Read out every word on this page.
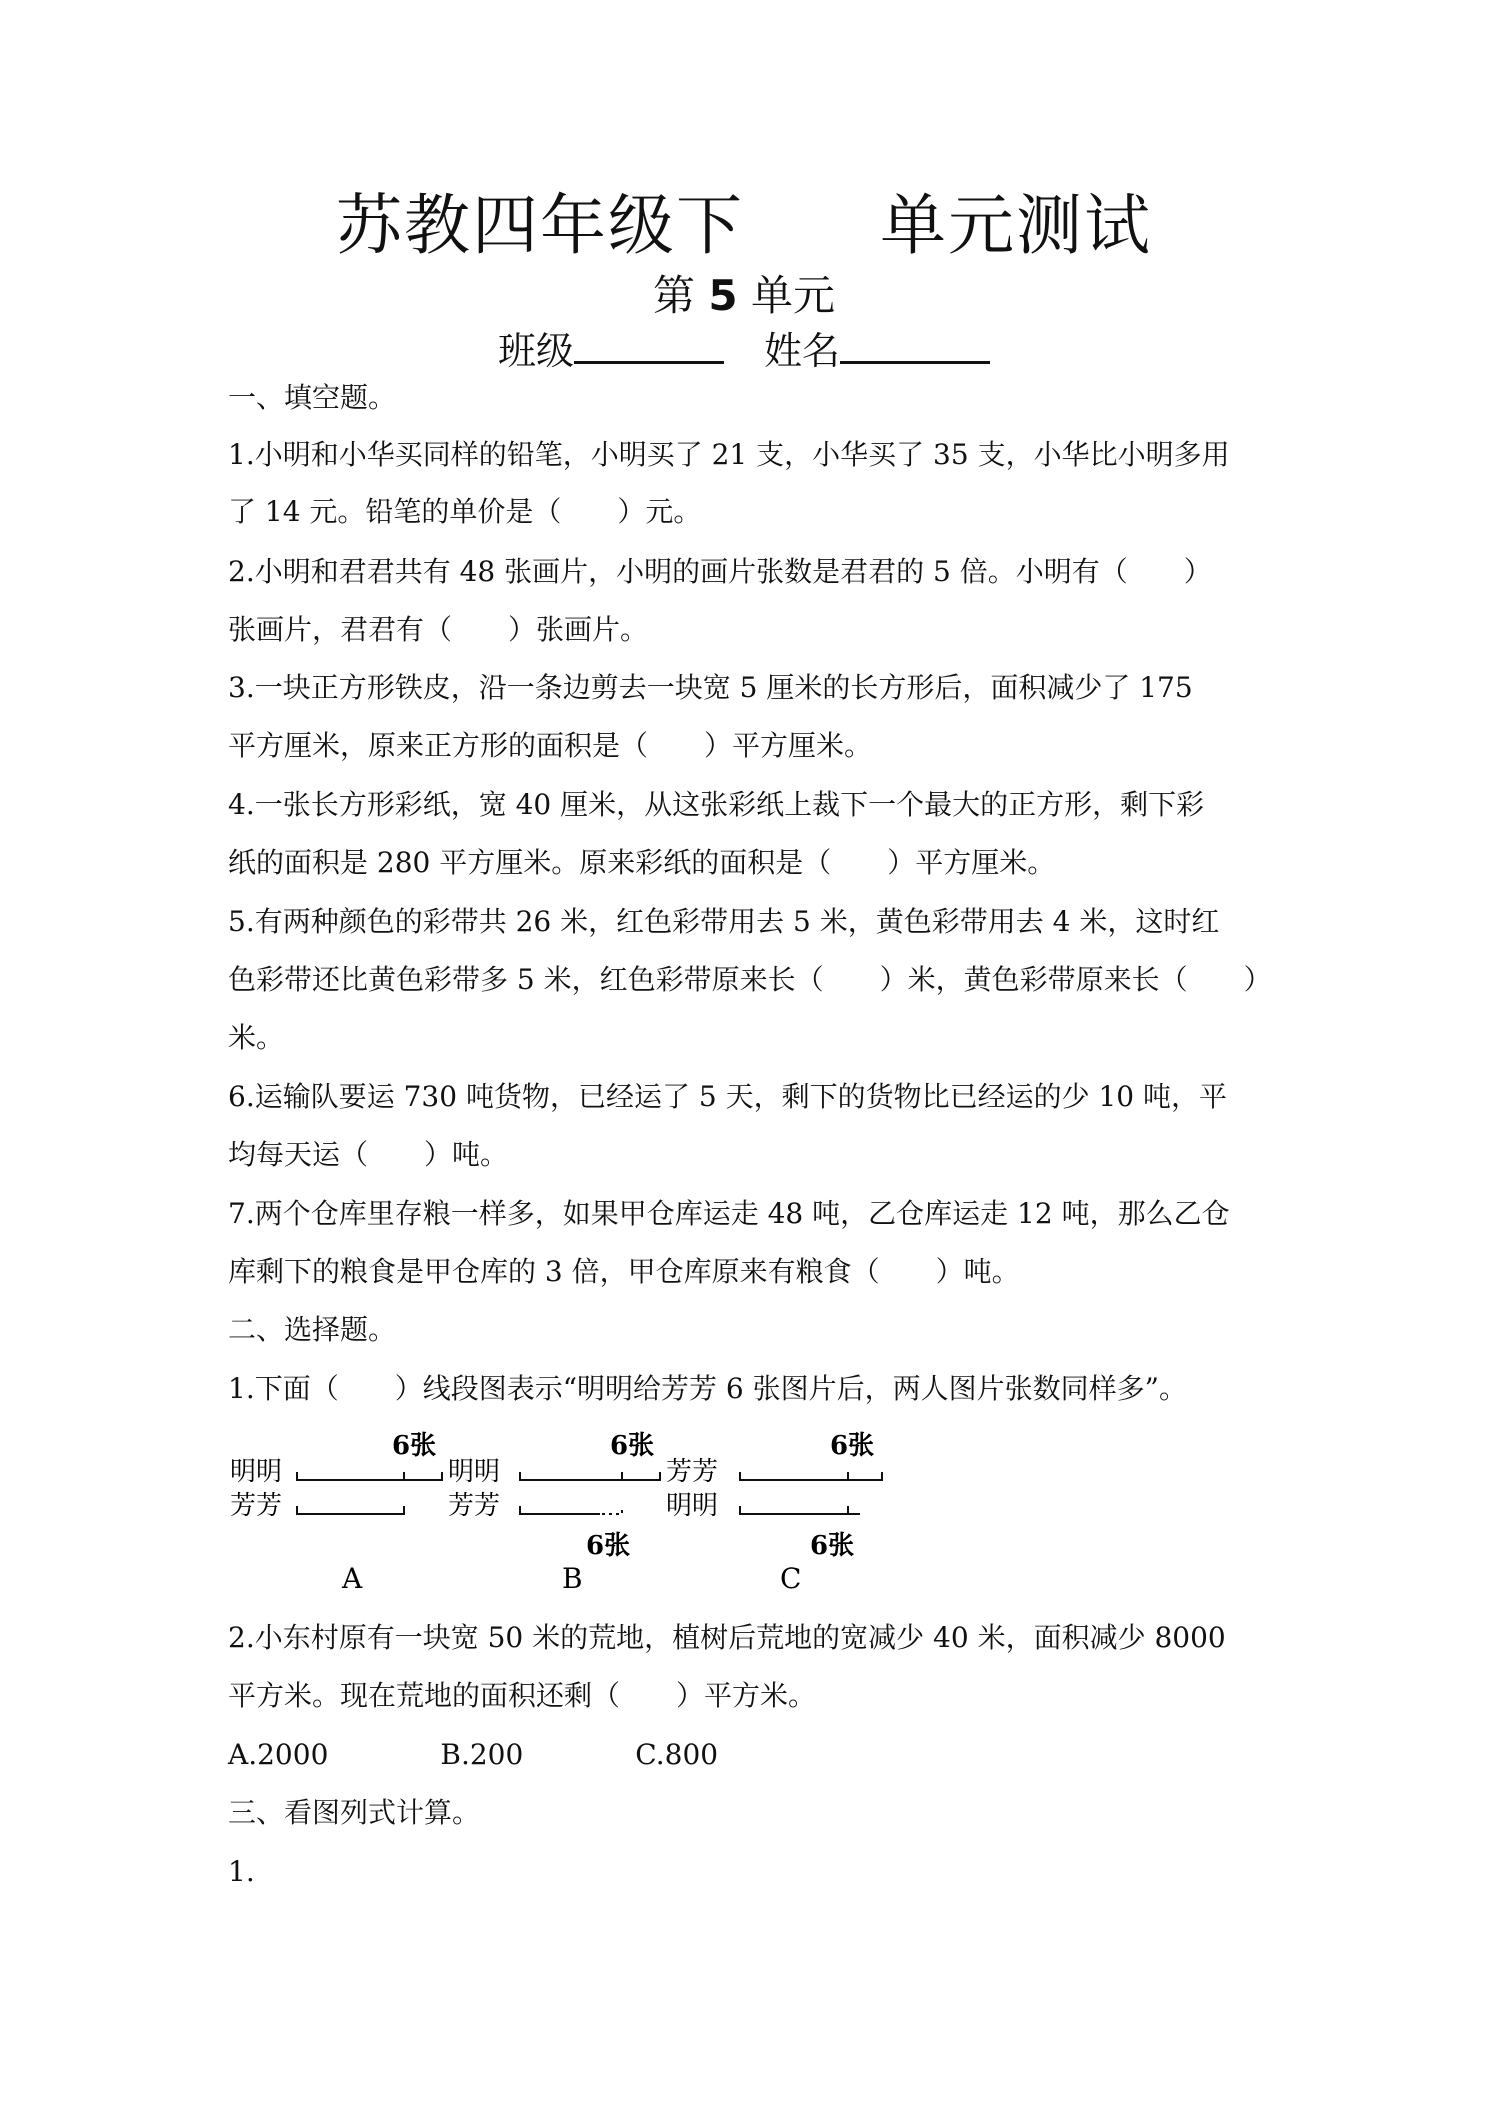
苏教四年级下　　单元测试
第 5 单元
班级	姓名
一、填空题。
1.小明和小华买同样的铅笔，小明买了 21 支，小华买了 35 支，小华比小明多用
了 14 元。铅笔的单价是（　　）元。
2.小明和君君共有 48 张画片，小明的画片张数是君君的 5 倍。小明有（　　）
张画片，君君有（　　）张画片。
3.一块正方形铁皮，沿一条边剪去一块宽 5 厘米的长方形后，面积减少了 175
平方厘米，原来正方形的面积是（　　）平方厘米。
4.一张长方形彩纸，宽 40 厘米，从这张彩纸上裁下一个最大的正方形，剩下彩
纸的面积是 280 平方厘米。原来彩纸的面积是（　　）平方厘米。
5.有两种颜色的彩带共 26 米，红色彩带用去 5 米，黄色彩带用去 4 米，这时红
色彩带还比黄色彩带多 5 米，红色彩带原来长（　　）米，黄色彩带原来长（　　）
米。
6.运输队要运 730 吨货物，已经运了 5 天，剩下的货物比已经运的少 10 吨，平
均每天运（　　）吨。
7.两个仓库里存粮一样多，如果甲仓库运走 48 吨，乙仓库运走 12 吨，那么乙仓
库剩下的粮食是甲仓库的 3 倍，甲仓库原来有粮食（　　）吨。
二、选择题。
1.下面（　　）线段图表示“明明给芳芳 6 张图片后，两人图片张数同样多”。
明明
芳芳
6张
A
明明
芳芳
6张
6张
B
芳芳
明明
6张
6张
C
2.小东村原有一块宽 50 米的荒地，植树后荒地的宽减少 40 米，面积减少 8000
平方米。现在荒地的面积还剩（　　）平方米。
A.2000　　　　B.200　　　　C.800
三、看图列式计算。
1.
